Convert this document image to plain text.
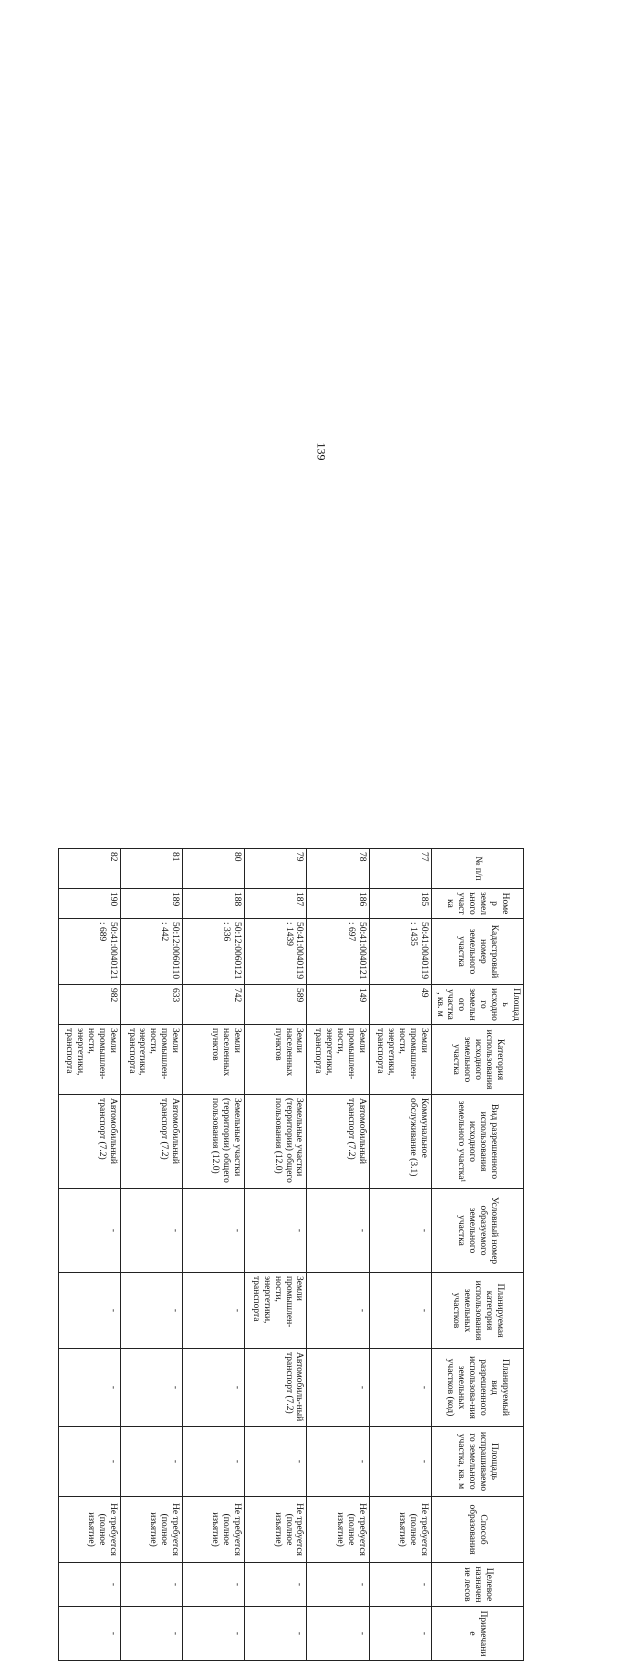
139
№ п/п	Номер земельного участка	Кадастровый номер земельного участка	Площадь исходного земельного участка, кв. м	Категория использования исходного земельного участка	Вид разрешенного использования исходного земельного участка¹	Условный номер образуемого земельного участка	Планируемая категория использования земельных участков	Планируемый вид разрешенного использова-ния земельных участков (код)	Площадь испрашиваемого земельного участка, кв. м	Способ образования	Целевое назначение лесов	Примечание
77	185	50:41:0040119: 1435	49	Земли промышлен-ности, энергетики, транспорта	Коммунальное обслуживание (3.1)	-	-	-	-	Не требуется (полное изъятие)	-	-
78	186	50:41:0040121: 697	149	Земли промышлен-ности, энергетики, транспорта	Автомобильный транспорт (7.2)	-	-	-	-	Не требуется (полное изъятие)	-	-
79	187	50:41:0040119: 1439	589	Земли населенных пунктов	Земельные участки (территории) общего пользования (12.0)	-	Земли промышлен-ности, энергетики, транспорта	Автомобиль-ный транспорт (7.2)	-	Не требуется (полное изъятие)	-	-
80	188	50:12:0060121: 336	742	Земли населенных пунктов	Земельные участки (территории) общего пользования (12.0)	-	-	-	-	Не требуется (полное изъятие)	-	-
81	189	50:12:0060110: 442	633	Земли промышлен-ности, энергетики, транспорта	Автомобильный транспорт (7.2)	-	-	-	-	Не требуется (полное изъятие)	-	-
82	190	50:41:0040121: 689	982	Земли промышлен-ности, энергетики, транспорта	Автомобильный транспорт (7.2)	-	-	-	-	Не требуется (полное изъятие)	-	-
